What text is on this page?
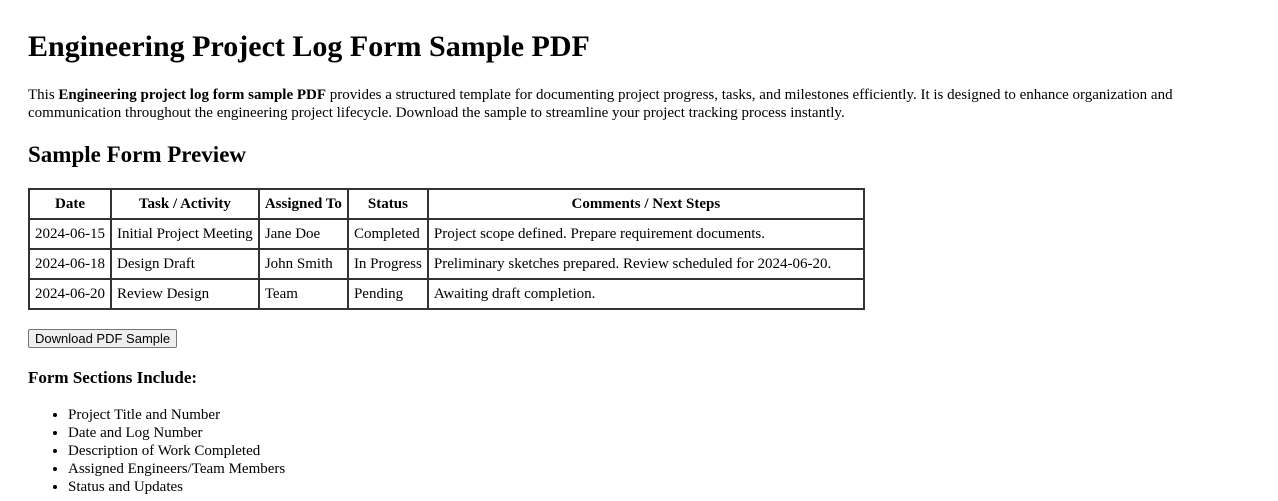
Engineering Project Log Form Sample PDF

This Engineering project log form sample PDF provides a structured template for documenting project progress, tasks, and milestones efficiently. It is designed to enhance organization and communication throughout the engineering project lifecycle. Download the sample to streamline your project tracking process instantly.

Sample Form Preview
Date	Task / Activity	Assigned To	Status	Comments / Next Steps
2024-06-15	Initial Project Meeting	Jane Doe	Completed	Project scope defined. Prepare requirement documents.
2024-06-18	Design Draft	John Smith	In Progress	Preliminary sketches prepared. Review scheduled for 2024-06-20.
2024-06-20	Review Design	Team	Pending	Awaiting draft completion.
Download PDF Sample
Form Sections Include:
• Project Title and Number
• Date and Log Number
• Description of Work Completed
• Assigned Engineers/Team Members
• Status and Updates
